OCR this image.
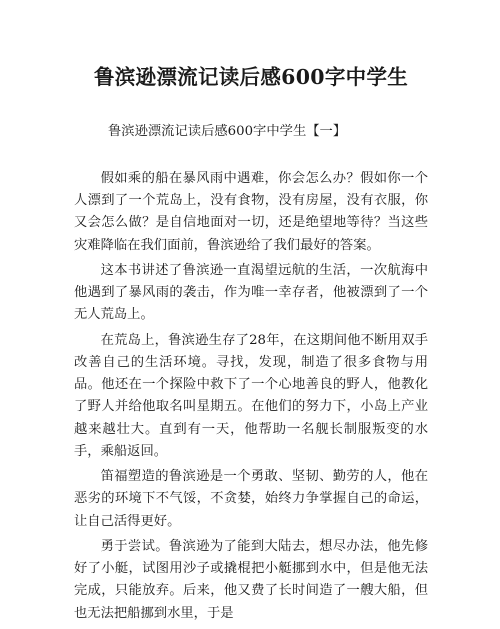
鲁滨逊漂流记读后感600字中学生
鲁滨逊漂流记读后感600字中学生【一】

假如乘的船在暴风雨中遇难，你会怎么办？假如你一个人漂到了一个荒岛上，没有食物，没有房屋，没有衣服，你又会怎么做？是自信地面对一切，还是绝望地等待？当这些灾难降临在我们面前，鲁滨逊给了我们最好的答案。

这本书讲述了鲁滨逊一直渴望远航的生活，一次航海中他遇到了暴风雨的袭击，作为唯一幸存者，他被漂到了一个无人荒岛上。

在荒岛上，鲁滨逊生存了28年，在这期间他不断用双手改善自己的生活环境。寻找，发现，制造了很多食物与用品。他还在一个探险中救下了一个心地善良的野人，他教化了野人并给他取名叫星期五。在他们的努力下，小岛上产业越来越壮大。直到有一天，他帮助一名舰长制服叛变的水手，乘船返回。

笛福塑造的鲁滨逊是一个勇敢、坚韧、勤劳的人，他在恶劣的环境下不气馁，不贪婪，始终力争掌握自己的命运，让自己活得更好。

勇于尝试。鲁滨逊为了能到大陆去，想尽办法，他先修好了小艇，试图用沙子或撬棍把小艇挪到水中，但是他无法完成，只能放弃。后来，他又费了长时间造了一艘大船，但也无法把船挪到水里，于是
